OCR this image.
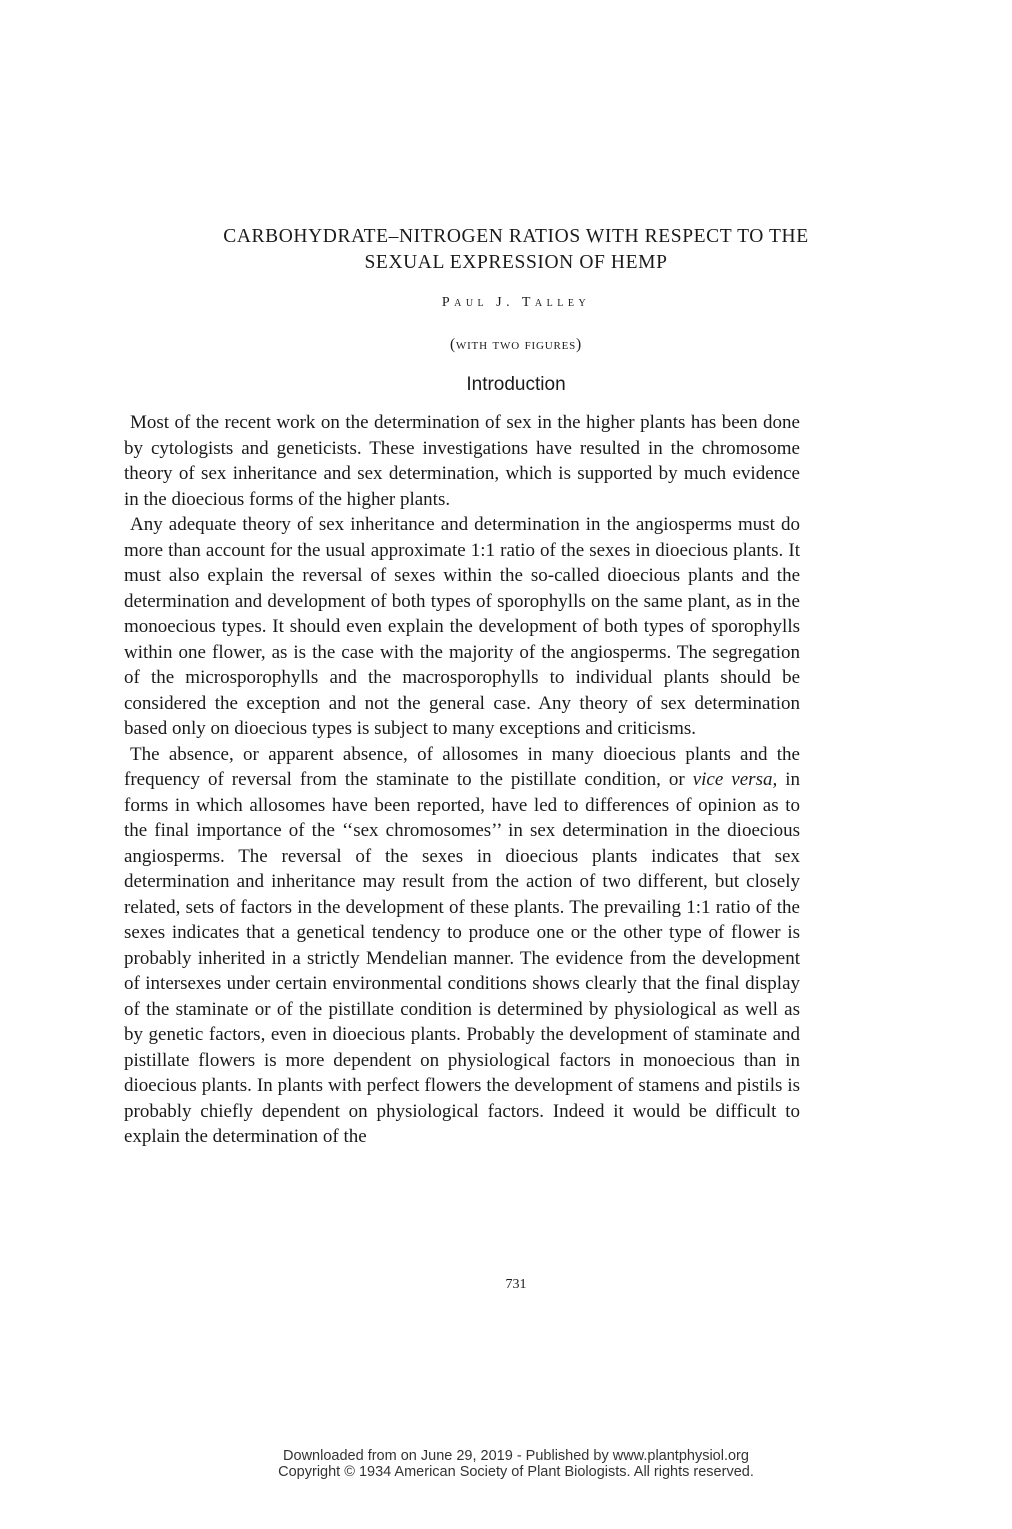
CARBOHYDRATE–NITROGEN RATIOS WITH RESPECT TO THE
SEXUAL EXPRESSION OF HEMP

Paul J. Talley

(with two figures)

Introduction

Most of the recent work on the determination of sex in the higher plants has been done by cytologists and geneticists. These investigations have resulted in the chromosome theory of sex inheritance and sex determination, which is supported by much evidence in the dioecious forms of the higher plants.

Any adequate theory of sex inheritance and determination in the angiosperms must do more than account for the usual approximate 1:1 ratio of the sexes in dioecious plants. It must also explain the reversal of sexes within the so-called dioecious plants and the determination and development of both types of sporophylls on the same plant, as in the monoecious types. It should even explain the development of both types of sporophylls within one flower, as is the case with the majority of the angiosperms. The segregation of the microsporophylls and the macrosporophylls to individual plants should be considered the exception and not the general case. Any theory of sex determination based only on dioecious types is subject to many exceptions and criticisms.

The absence, or apparent absence, of allosomes in many dioecious plants and the frequency of reversal from the staminate to the pistillate condition, or vice versa, in forms in which allosomes have been reported, have led to differences of opinion as to the final importance of the ‘‘sex chromosomes’’ in sex determination in the dioecious angiosperms. The reversal of the sexes in dioecious plants indicates that sex determination and inheritance may result from the action of two different, but closely related, sets of factors in the development of these plants. The prevailing 1:1 ratio of the sexes indicates that a genetical tendency to produce one or the other type of flower is probably inherited in a strictly Mendelian manner. The evidence from the development of intersexes under certain environmental conditions shows clearly that the final display of the staminate or of the pistillate condition is determined by physiological as well as by genetic factors, even in dioecious plants. Probably the development of staminate and pistillate flowers is more dependent on physiological factors in monoecious than in dioecious plants. In plants with perfect flowers the development of stamens and pistils is probably chiefly dependent on physiological factors. Indeed it would be difficult to explain the determination of the

731

Downloaded from on June 29, 2019 - Published by www.plantphysiol.org
Copyright © 1934 American Society of Plant Biologists. All rights reserved.
